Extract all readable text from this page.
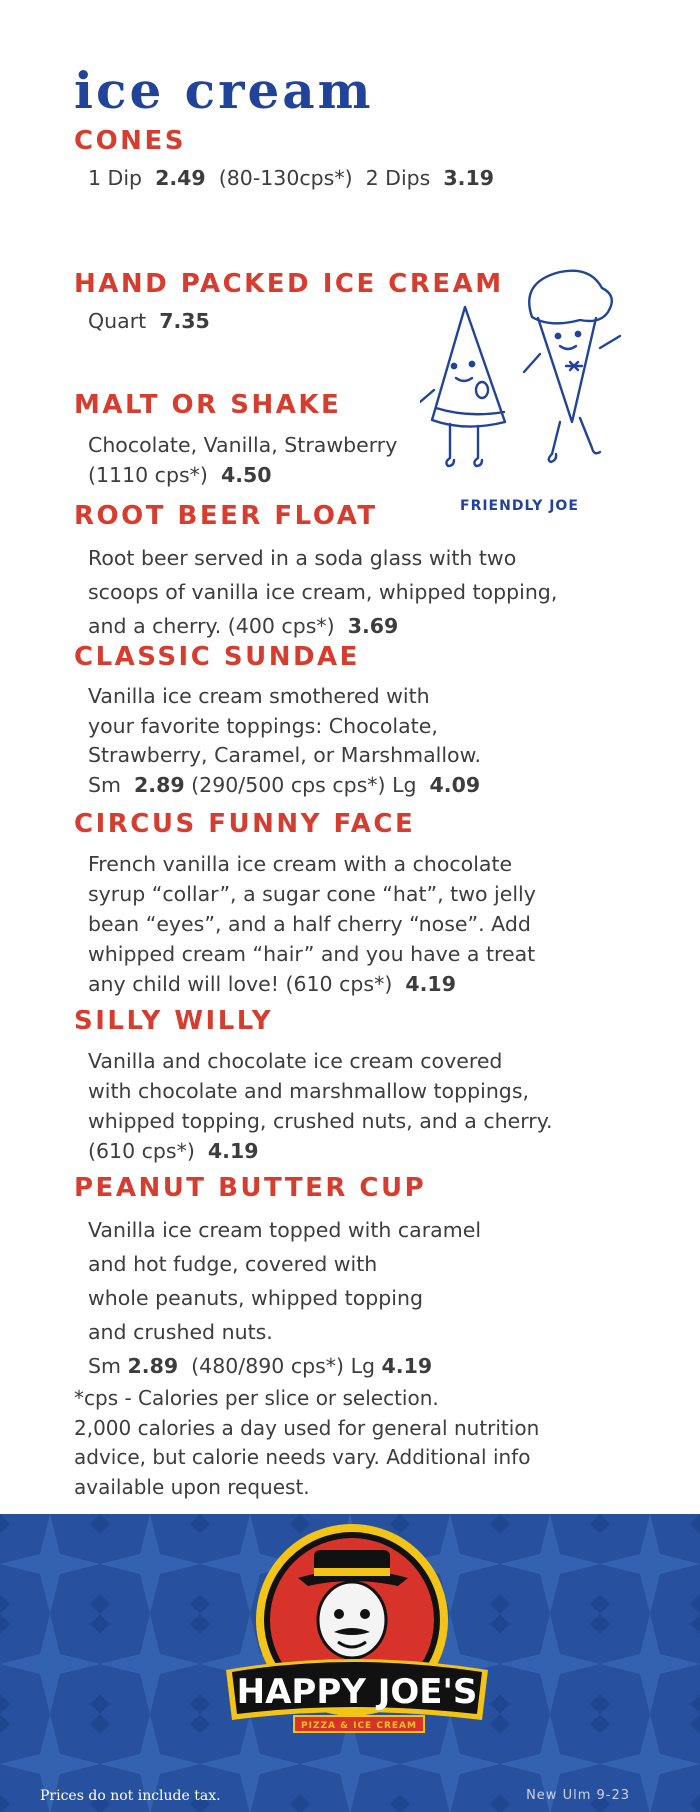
ice cream
CONES

1 Dip 2.49 (80-130cps*) 2 Dips 3.19

HAND PACKED ICE CREAM

Quart 7.35

MALT OR SHAKE

Chocolate, Vanilla, Strawberry

(1110 cps*) 4.50

ROOT BEER FLOAT

Root beer served in a soda glass with two

scoops of vanilla ice cream, whipped topping,

and a cherry. (400 cps*) 3.69

CLASSIC SUNDAE

Vanilla ice cream smothered with

your favorite toppings: Chocolate,

Strawberry, Caramel, or Marshmallow.

Sm 2.89 (290/500 cps cps*) Lg 4.09

CIRCUS FUNNY FACE

French vanilla ice cream with a chocolate

syrup “collar”, a sugar cone “hat”, two jelly

bean “eyes”, and a half cherry “nose”. Add

whipped cream “hair” and you have a treat

any child will love! (610 cps*) 4.19

SILLY WILLY

Vanilla and chocolate ice cream covered

with chocolate and marshmallow toppings,

whipped topping, crushed nuts, and a cherry.

(610 cps*) 4.19

PEANUT BUTTER CUP

Vanilla ice cream topped with caramel

and hot fudge, covered with

whole peanuts, whipped topping

and crushed nuts.

Sm 2.89 (480/890 cps*) Lg 4.19

*cps - Calories per slice or selection.

2,000 calories a day used for general nutrition

advice, but calorie needs vary. Additional info

available upon request.

FRIENDLY JOE
HAPPY JOE'S
PIZZA & ICE CREAM
Prices do not include tax.	New Ulm 9-23
